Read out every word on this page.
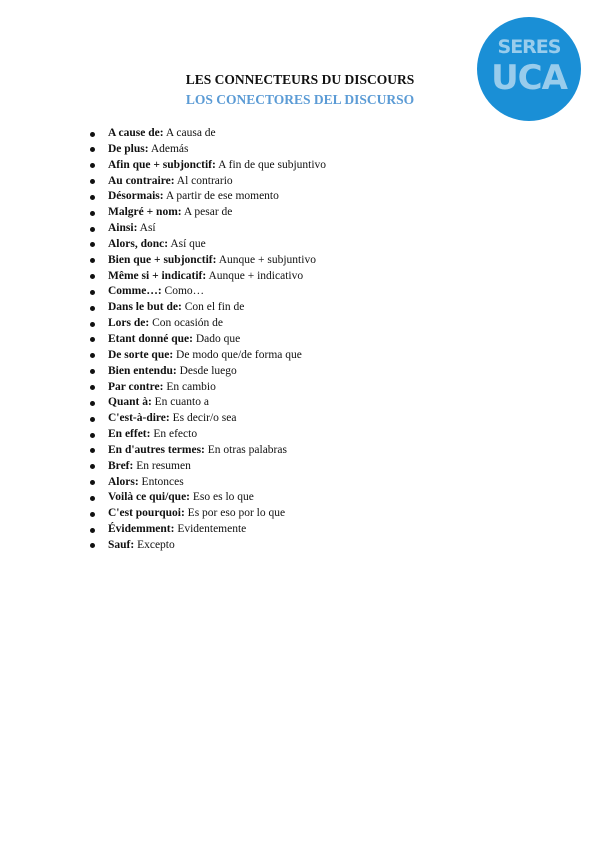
SERES
UCA
LES CONNECTEURS DU DISCOURS
LOS CONECTORES DEL DISCURSO
A cause de: A causa de
De plus: Además
Afin que + subjonctif: A fin de que subjuntivo
Au contraire: Al contrario
Désormais: A partir de ese momento
Malgré + nom: A pesar de
Ainsi: Así
Alors, donc: Así que
Bien que + subjonctif: Aunque + subjuntivo
Même si + indicatif: Aunque + indicativo
Comme…: Como…
Dans le but de: Con el fin de
Lors de: Con ocasión de
Etant donné que: Dado que
De sorte que: De modo que/de forma que
Bien entendu: Desde luego
Par contre: En cambio
Quant à: En cuanto a
C'est-à-dire: Es decir/o sea
En effet: En efecto
En d'autres termes: En otras palabras
Bref: En resumen
Alors: Entonces
Voilà ce qui/que: Eso es lo que
C'est pourquoi: Es por eso por lo que
Évidemment: Evidentemente
Sauf: Excepto
